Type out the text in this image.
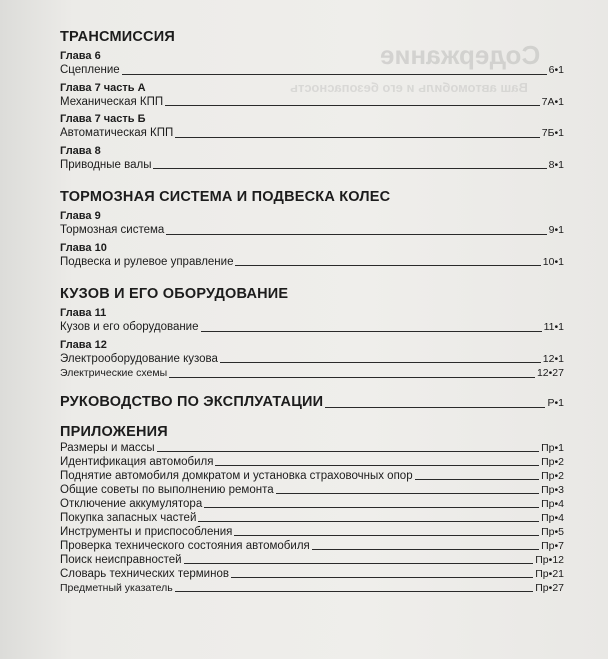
Содержание
Ваш автомобиль и его безопасность
ТРАНСМИССИЯ
Глава 6
Сцепление	6•1
Глава 7 часть А
Механическая КПП	7А•1
Глава 7 часть Б
Автоматическая КПП	7Б•1
Глава 8
Приводные валы	8•1
ТОРМОЗНАЯ СИСТЕМА И ПОДВЕСКА КОЛЕС
Глава 9
Тормозная система	9•1
Глава 10
Подвеска и рулевое управление	10•1
КУЗОВ И ЕГО ОБОРУДОВАНИЕ
Глава 11
Кузов и его оборудование	11•1
Глава 12
Электрооборудование кузова	12•1
Электрические схемы	12•27
РУКОВОДСТВО ПО ЭКСПЛУАТАЦИИ	Р•1
ПРИЛОЖЕНИЯ
Размеры и массы	Пр•1
Идентификация автомобиля	Пр•2
Поднятие автомобиля домкратом и установка страховочных опор	Пр•2
Общие советы по выполнению ремонта	Пр•3
Отключение аккумулятора	Пр•4
Покупка запасных частей	Пр•4
Инструменты и приспособления	Пр•5
Проверка технического состояния автомобиля	Пр•7
Поиск неисправностей	Пр•12
Словарь технических терминов	Пр•21
Предметный указатель	Пр•27
